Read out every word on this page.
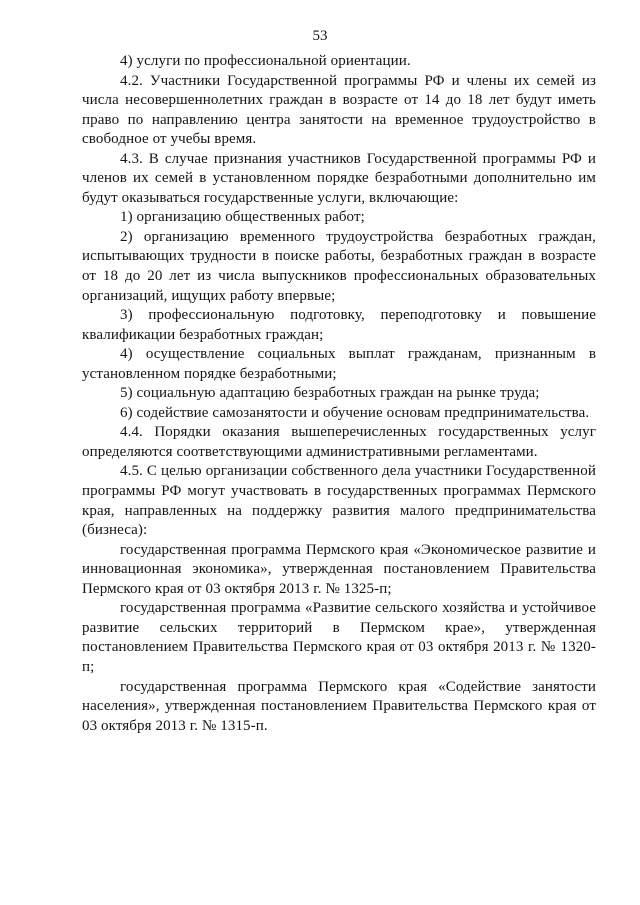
53

4) услуги по профессиональной ориентации.

4.2. Участники Государственной программы РФ и члены их семей из числа несовершеннолетних граждан в возрасте от 14 до 18 лет будут иметь право по направлению центра занятости на временное трудоустройство в свободное от учебы время.

4.3. В случае признания участников Государственной программы РФ и членов их семей в установленном порядке безработными дополнительно им будут оказываться государственные услуги, включающие:

1) организацию общественных работ;

2) организацию временного трудоустройства безработных граждан, испытывающих трудности в поиске работы, безработных граждан в возрасте от 18 до 20 лет из числа выпускников профессиональных образовательных организаций, ищущих работу впервые;

3) профессиональную подготовку, переподготовку и повышение квалификации безработных граждан;

4) осуществление социальных выплат гражданам, признанным в установленном порядке безработными;

5) социальную адаптацию безработных граждан на рынке труда;

6) содействие самозанятости и обучение основам предпринимательства.

4.4. Порядки оказания вышеперечисленных государственных услуг определяются соответствующими административными регламентами.

4.5. С целью организации собственного дела участники Государственной программы РФ могут участвовать в государственных программах Пермского края, направленных на поддержку развития малого предпринимательства (бизнеса):

государственная программа Пермского края «Экономическое развитие и инновационная экономика», утвержденная постановлением Правительства Пермского края от 03 октября 2013 г. № 1325-п;

государственная программа «Развитие сельского хозяйства и устойчивое развитие сельских территорий в Пермском крае», утвержденная постановлением Правительства Пермского края от 03 октября 2013 г. № 1320-п;

государственная программа Пермского края «Содействие занятости населения», утвержденная постановлением Правительства Пермского края от 03 октября 2013 г. № 1315-п.
